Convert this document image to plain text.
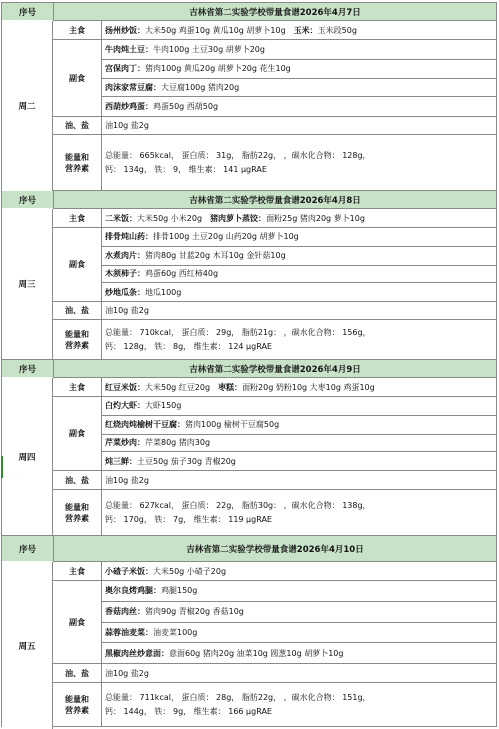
序号	吉林省第二实验学校带量食谱2026年4月7日
周二
主食	扬州炒饭： 大米50g 鸡蛋10g 黄瓜10g 胡萝卜10g 玉米： 玉米段50g
副食
牛肉炖土豆： 牛肉100g 土豆30g 胡萝卜20g
宫保肉丁： 猪肉100g 黄瓜20g 胡萝卜20g 花生10g
肉沫家常豆腐： 大豆腐100g 猪肉20g
西葫炒鸡蛋： 鸡蛋50g 西葫50g
油、盐	油10g 盐2g
能量和
营养素
总能量： 665kcal， 蛋白质： 31g， 脂肪22g， ，碳水化合物： 128g，
钙： 134g， 铁： 9， 维生素： 141 μgRAE
序号	吉林省第二实验学校带量食谱2026年4月8日
周三
主食	二米饭： 大米50g 小米20g 猪肉萝卜蒸饺： 面粉25g 猪肉20g 萝卜10g
副食
排骨炖山药： 排骨100g 土豆20g 山药20g 胡萝卜10g
水煮肉片： 猪肉80g 甘蓝20g 木耳10g 金针菇10g
木须柿子： 鸡蛋60g 西红柿40g
炒地瓜条： 地瓜100g
油、盐	油10g 盐2g
能量和
营养素
总能量： 710kcal， 蛋白质： 29g， 脂肪21g： ，碳水化合物： 156g，
钙： 128g， 铁： 8g， 维生素： 124 μgRAE
序号	吉林省第二实验学校带量食谱2026年4月9日
周四
主食	红豆米饭： 大米50g 红豆20g 枣糕： 面粉20g 奶粉10g 大枣10g 鸡蛋10g
副食
白灼大虾： 大虾150g
红烧肉炖榆树干豆腐： 猪肉100g 榆树干豆腐50g
芹菜炒肉： 芹菜80g 猪肉30g
炖三鲜： 土豆50g 茄子30g 青椒20g
油、盐	油10g 盐2g
能量和
营养素
总能量： 627kcal， 蛋白质： 22g， 脂肪30g： ，碳水化合物： 138g，
钙： 170g， 铁： 7g， 维生素： 119 μgRAE
序号	吉林省第二实验学校带量食谱2026年4月10日
周五
主食	小碴子米饭： 大米50g 小碴子20g
副食
奥尔良烤鸡腿： 鸡腿150g
香菇肉丝： 猪肉90g 青椒20g 香菇10g
蒜蓉油麦菜： 油麦菜100g
黑椒肉丝炒意面： 意面60g 猪肉20g 油菜10g 圆葱10g 胡萝卜10g
油、盐	油10g 盐2g
能量和
营养素
总能量： 711kcal， 蛋白质： 28g， 脂肪22g， ，碳水化合物： 151g，
钙： 144g， 铁： 9g， 维生素： 166 μgRAE
